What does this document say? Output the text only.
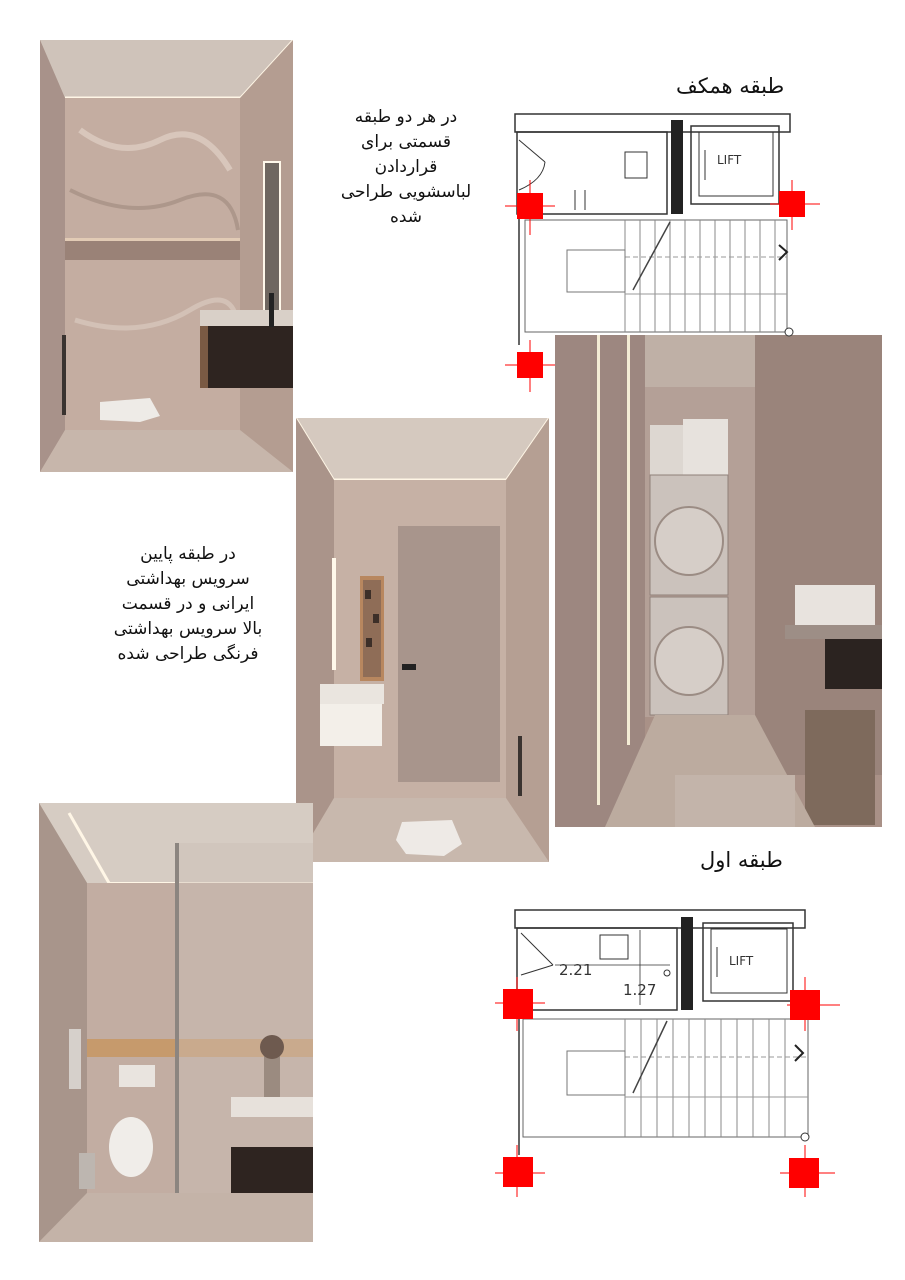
در هر دو طبقه
قسمتی برای
قراردادن
لباسشویی طراحی
شده
در طبقه پایین
سرویس بهداشتی
ایرانی و در قسمت
بالا سرویس بهداشتی
فرنگی طراحی شده
طبقه همکف
طبقه اول
LIFT
LIFT
2.21
1.27
